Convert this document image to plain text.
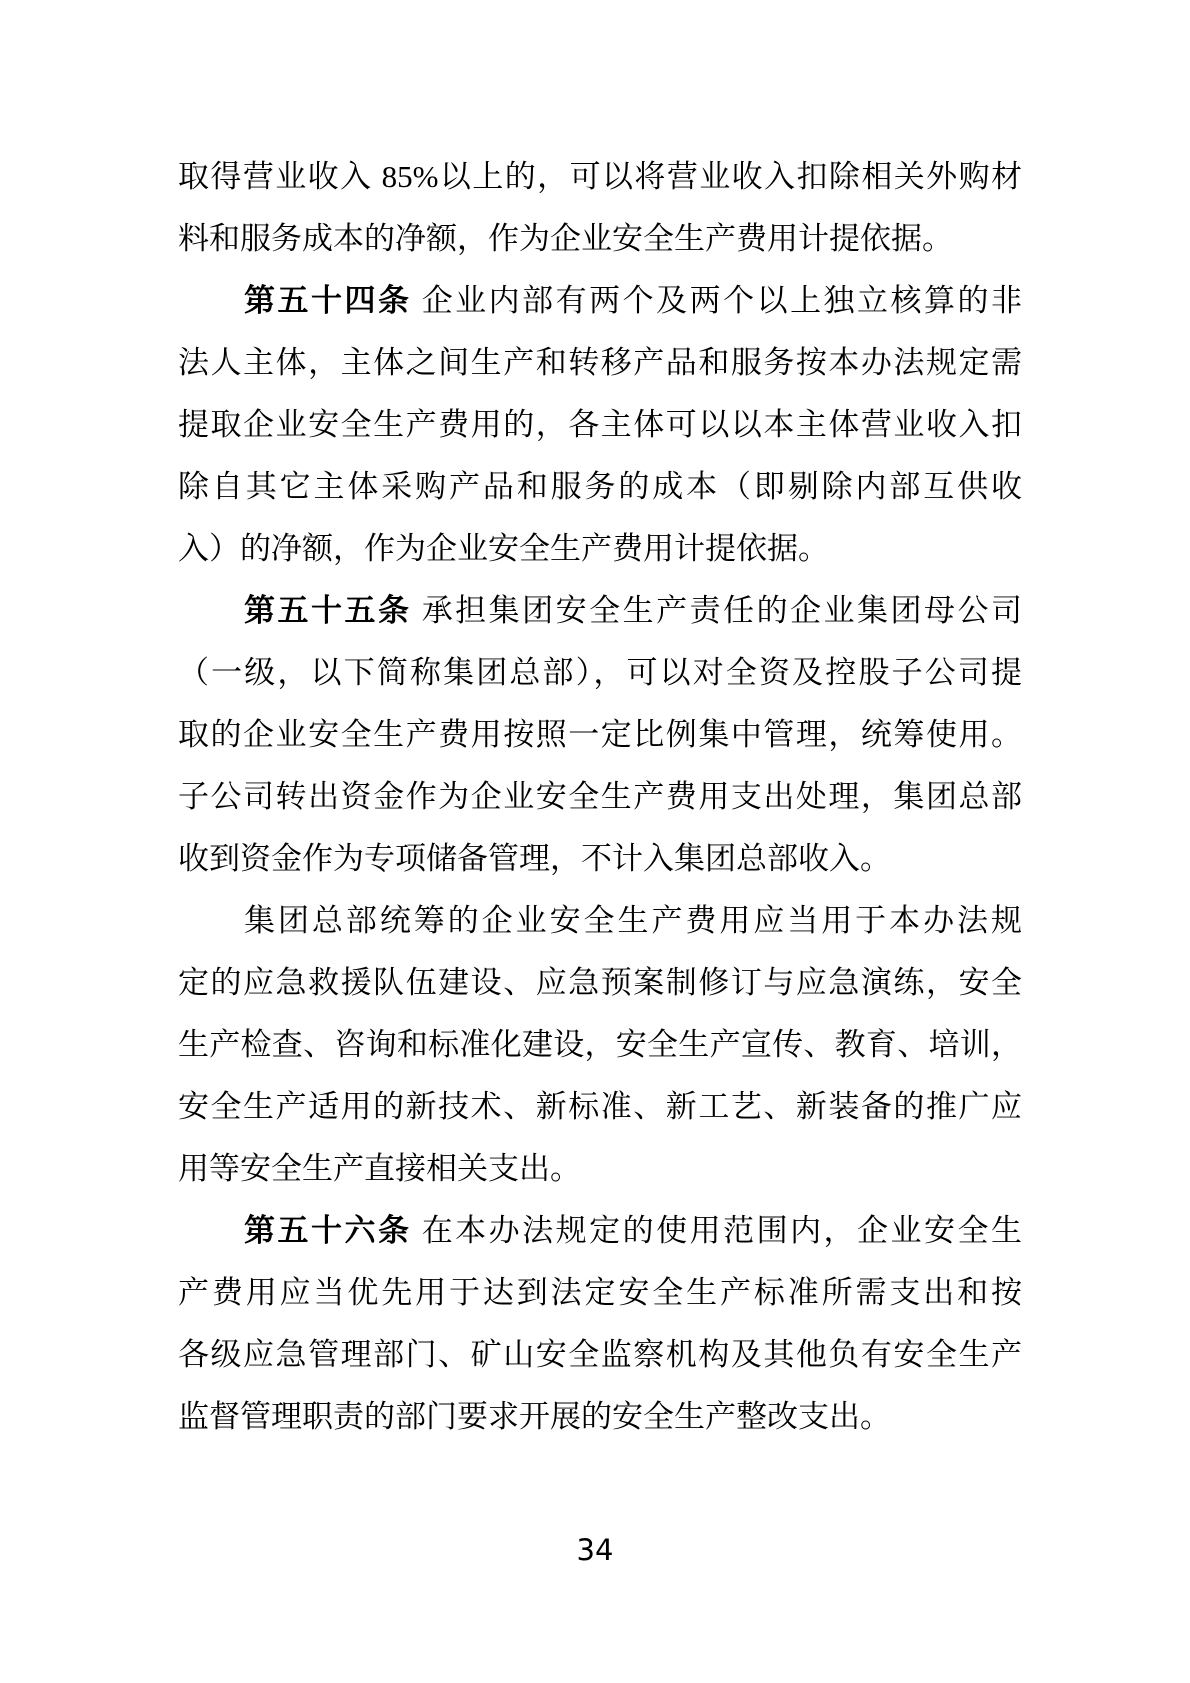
取得营业收入 85%以上的，可以将营业收入扣除相关外购材
料和服务成本的净额，作为企业安全生产费用计提依据。
第五十四条 企业内部有两个及两个以上独立核算的非
法人主体，主体之间生产和转移产品和服务按本办法规定需
提取企业安全生产费用的，各主体可以以本主体营业收入扣
除自其它主体采购产品和服务的成本（即剔除内部互供收
入）的净额，作为企业安全生产费用计提依据。
第五十五条 承担集团安全生产责任的企业集团母公司
（一级，以下简称集团总部），可以对全资及控股子公司提
取的企业安全生产费用按照一定比例集中管理，统筹使用。
子公司转出资金作为企业安全生产费用支出处理，集团总部
收到资金作为专项储备管理，不计入集团总部收入。
集团总部统筹的企业安全生产费用应当用于本办法规
定的应急救援队伍建设、应急预案制修订与应急演练，安全
生产检查、咨询和标准化建设，安全生产宣传、教育、培训，
安全生产适用的新技术、新标准、新工艺、新装备的推广应
用等安全生产直接相关支出。
第五十六条 在本办法规定的使用范围内，企业安全生
产费用应当优先用于达到法定安全生产标准所需支出和按
各级应急管理部门、矿山安全监察机构及其他负有安全生产
监督管理职责的部门要求开展的安全生产整改支出。
34
